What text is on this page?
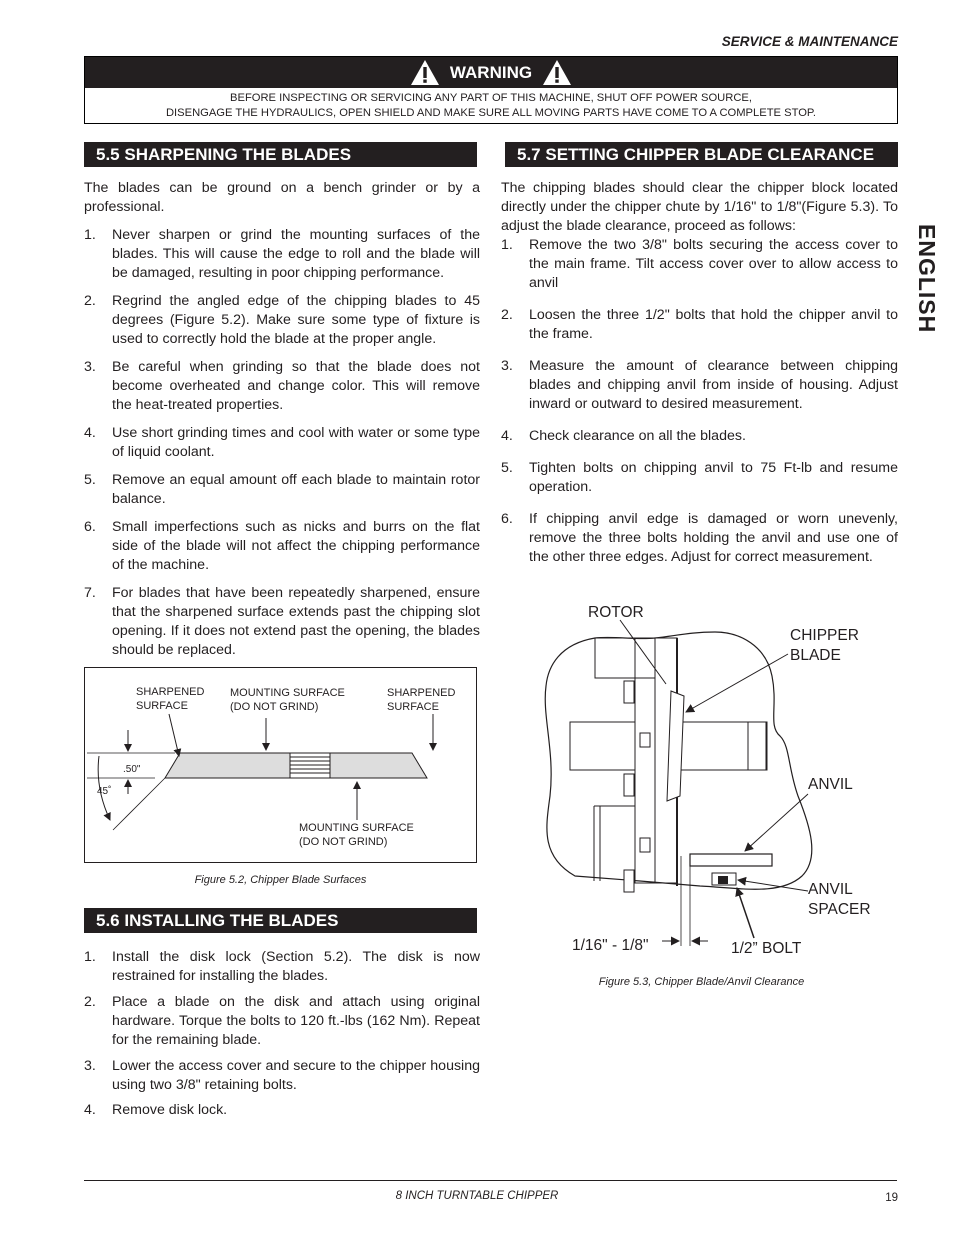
SERVICE & MAINTENANCE
WARNING
BEFORE INSPECTING OR SERVICING ANY PART OF THIS MACHINE, SHUT OFF POWER SOURCE,
DISENGAGE THE HYDRAULICS, OPEN SHIELD AND MAKE SURE ALL MOVING PARTS HAVE COME TO A COMPLETE STOP.
ENGLISH
5.5 SHARPENING THE BLADES

The blades can be ground on a bench grinder or by a professional.

1. Never sharpen or grind the mounting surfaces of the blades. This will cause the edge to roll and the blade will be damaged, resulting in poor chipping performance.
2. Regrind the angled edge of the chipping blades to 45 degrees (Figure 5.2). Make sure some type of fixture is used to correctly hold the blade at the proper angle.
3. Be careful when grinding so that the blade does not become overheated and change color. This will remove the heat-treated properties.
4. Use short grinding times and cool with water or some type of liquid coolant.
5. Remove an equal amount off each blade to maintain rotor balance.
6. Small imperfections such as nicks and burrs on the flat side of the blade will not affect the chipping performance of the machine.
7. For blades that have been repeatedly sharpened, ensure that the sharpened surface extends past the chipping slot opening. If it does not extend past the opening, the blades should be replaced.
SHARPENED
SURFACE
MOUNTING SURFACE
(DO NOT GRIND)
SHARPENED
SURFACE
.50"
45˚
MOUNTING SURFACE
(DO NOT GRIND)
Figure 5.2, Chipper Blade Surfaces
5.6 INSTALLING THE BLADES
1. Install the disk lock (Section 5.2). The disk is now restrained for installing the blades.
2. Place a blade on the disk and attach using original hardware. Torque the bolts to 120 ft.-lbs (162 Nm). Repeat for the remaining blade.
3. Lower the access cover and secure to the chipper housing using two 3/8" retaining bolts.
4. Remove disk lock.
5.7 SETTING CHIPPER BLADE CLEARANCE

The chipping blades should clear the chipper block located directly under the chipper chute by 1/16" to 1/8"(Figure 5.3). To adjust the blade clearance, proceed as follows:

1. Remove the two 3/8" bolts securing the access cover to the main frame. Tilt access cover over to allow access to anvil
2. Loosen the three 1/2" bolts that hold the chipper anvil to the frame.
3. Measure the amount of clearance between chipping blades and chipping anvil from inside of housing. Adjust inward or outward to desired measurement.
4. Check clearance on all the blades.
5. Tighten bolts on chipping anvil to 75 Ft-lb and resume operation.
6. If chipping anvil edge is damaged or worn unevenly, remove the three bolts holding the anvil and use one of the other three edges. Adjust for correct measurement.
ROTOR
CHIPPER
BLADE
ANVIL
ANVIL
SPACER
1/16" - 1/8"	1/2” BOLT
Figure 5.3, Chipper Blade/Anvil Clearance
8 INCH TURNTABLE CHIPPER	19
